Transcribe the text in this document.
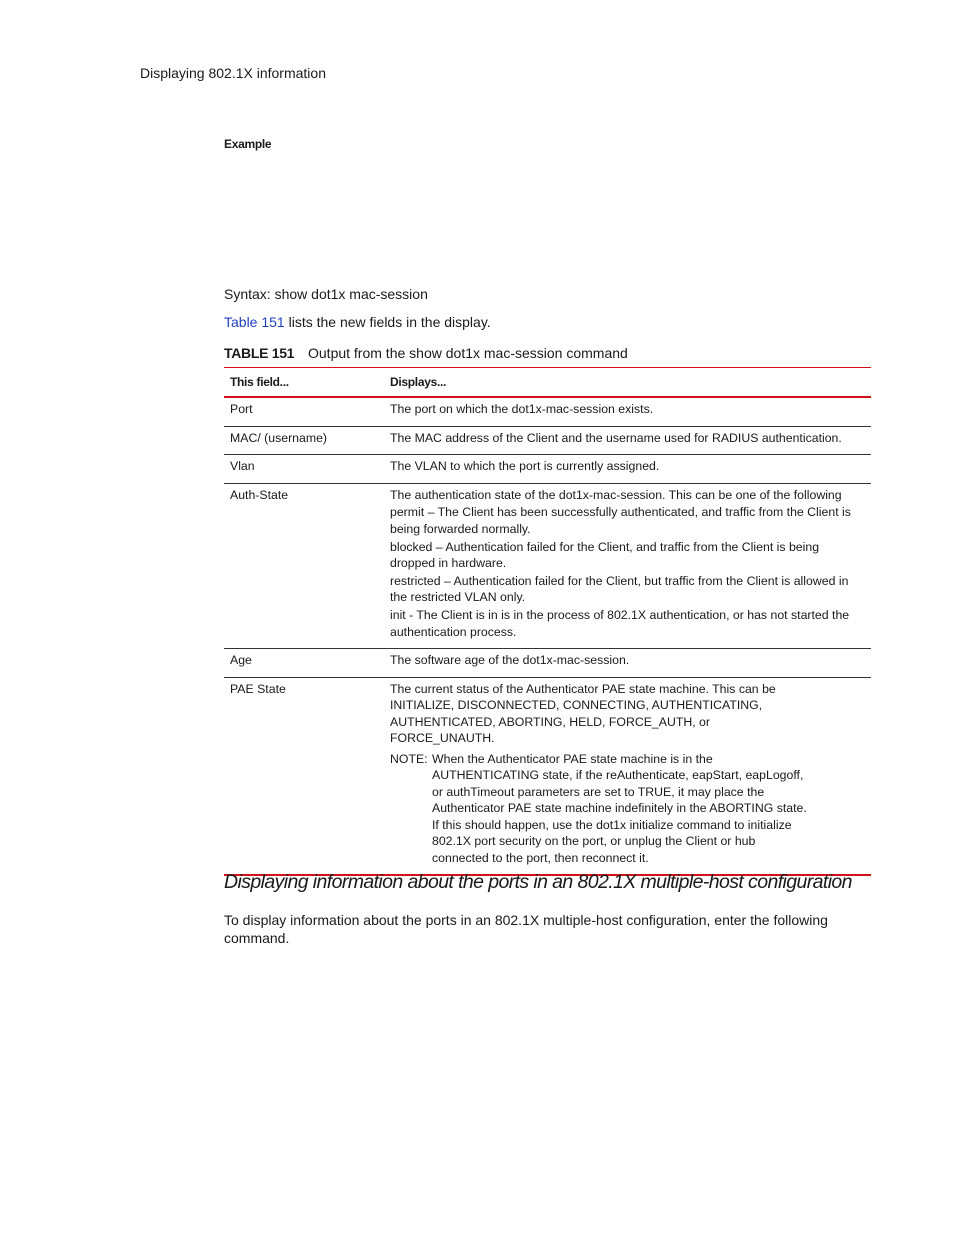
Displaying 802.1X information
Example
Syntax: show dot1x mac-session
Table 151 lists the new fields in the display.
TABLE 151 Output from the show dot1x mac-session command
This field...	Displays...
Port	The port on which the dot1x-mac-session exists.
MAC/ (username)	The MAC address of the Client and the username used for RADIUS authentication.
Vlan	The VLAN to which the port is currently assigned.
Auth-State	The authentication state of the dot1x-mac-session. This can be one of the following
permit – The Client has been successfully authenticated, and traffic from the Client is being forwarded normally.
blocked – Authentication failed for the Client, and traffic from the Client is being dropped in hardware.
restricted – Authentication failed for the Client, but traffic from the Client is allowed in the restricted VLAN only.
init - The Client is in is in the process of 802.1X authentication, or has not started the authentication process.
Age	The software age of the dot1x-mac-session.
PAE State	The current status of the Authenticator PAE state machine. This can be INITIALIZE, DISCONNECTED, CONNECTING, AUTHENTICATING, AUTHENTICATED, ABORTING, HELD, FORCE_AUTH, or FORCE_UNAUTH.
NOTE: When the Authenticator PAE state machine is in the AUTHENTICATING state, if the reAuthenticate, eapStart, eapLogoff, or authTimeout parameters are set to TRUE, it may place the Authenticator PAE state machine indefinitely in the ABORTING state. If this should happen, use the dot1x initialize command to initialize 802.1X port security on the port, or unplug the Client or hub connected to the port, then reconnect it.
Displaying information about the ports in an 802.1X multiple-host configuration
To display information about the ports in an 802.1X multiple-host configuration, enter the following command.
